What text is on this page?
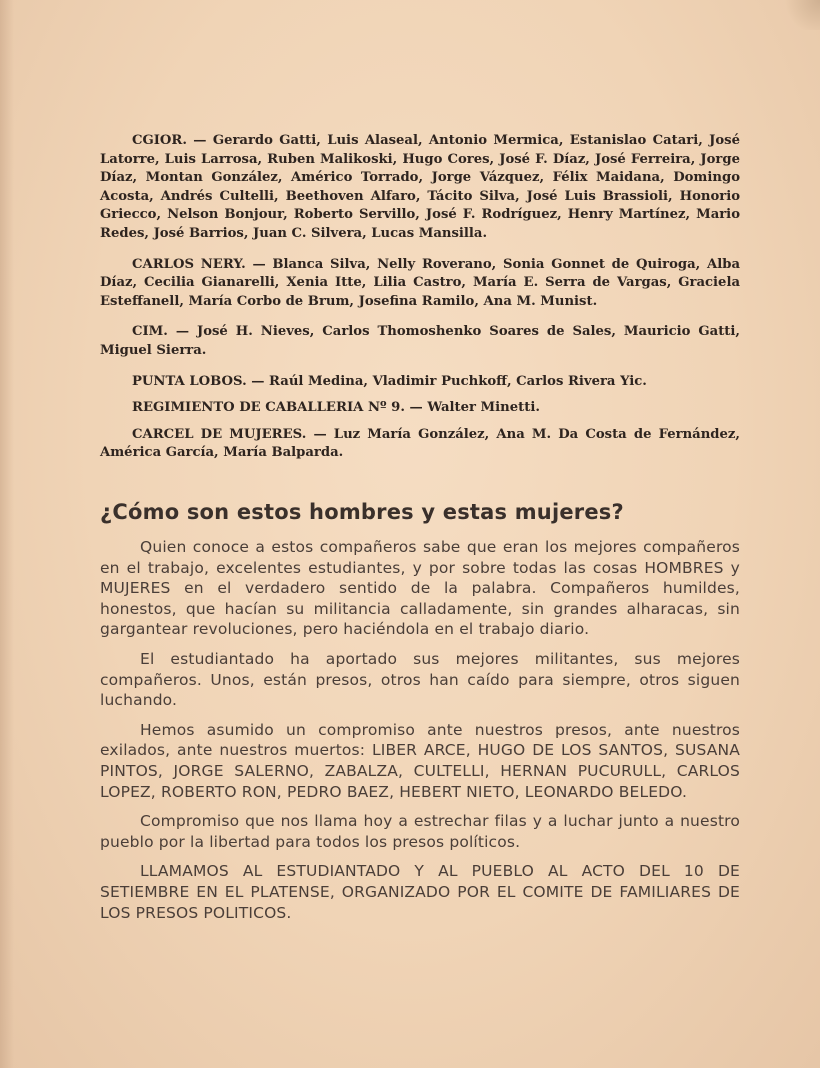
CGIOR. — Gerardo Gatti, Luis Alaseal, Antonio Mermica, Estanislao Catari, José Latorre, Luis Larrosa, Ruben Malikoski, Hugo Cores, José F. Díaz, José Ferreira, Jorge Díaz, Montan González, Américo Torrado, Jorge Vázquez, Félix Maidana, Domingo Acosta, Andrés Cultelli, Beethoven Alfaro, Tácito Silva, José Luis Brassioli, Honorio Griecco, Nelson Bonjour, Roberto Servillo, José F. Rodríguez, Henry Martínez, Mario Redes, José Barrios, Juan C. Silvera, Lucas Mansilla.

CARLOS NERY. — Blanca Silva, Nelly Roverano, Sonia Gonnet de Quiroga, Alba Díaz, Cecilia Gianarelli, Xenia Itte, Lilia Castro, María E. Serra de Vargas, Graciela Esteffanell, María Corbo de Brum, Josefina Ramilo, Ana M. Munist.

CIM. — José H. Nieves, Carlos Thomoshenko Soares de Sales, Mauricio Gatti, Miguel Sierra.

PUNTA LOBOS. — Raúl Medina, Vladimir Puchkoff, Carlos Rivera Yic.

REGIMIENTO DE CABALLERIA Nº 9. — Walter Minetti.

CARCEL DE MUJERES. — Luz María González, Ana M. Da Costa de Fernández, América García, María Balparda.

¿Cómo son estos hombres y estas mujeres?

Quien conoce a estos compañeros sabe que eran los mejores compañeros en el trabajo, excelentes estudiantes, y por sobre todas las cosas HOMBRES y MUJERES en el verdadero sentido de la palabra. Compañeros humildes, honestos, que hacían su militancia calladamente, sin grandes alharacas, sin gargantear revoluciones, pero haciéndola en el trabajo diario.

El estudiantado ha aportado sus mejores militantes, sus mejores compañeros. Unos, están presos, otros han caído para siempre, otros siguen luchando.

Hemos asumido un compromiso ante nuestros presos, ante nuestros exilados, ante nuestros muertos: LIBER ARCE, HUGO DE LOS SANTOS, SUSANA PINTOS, JORGE SALERNO, ZABALZA, CULTELLI, HERNAN PUCURULL, CARLOS LOPEZ, ROBERTO RON, PEDRO BAEZ, HEBERT NIETO, LEONARDO BELEDO.

Compromiso que nos llama hoy a estrechar filas y a luchar junto a nuestro pueblo por la libertad para todos los presos políticos.

LLAMAMOS AL ESTUDIANTADO Y AL PUEBLO AL ACTO DEL 10 DE SETIEMBRE EN EL PLATENSE, ORGANIZADO POR EL COMITE DE FAMILIARES DE LOS PRESOS POLITICOS.
